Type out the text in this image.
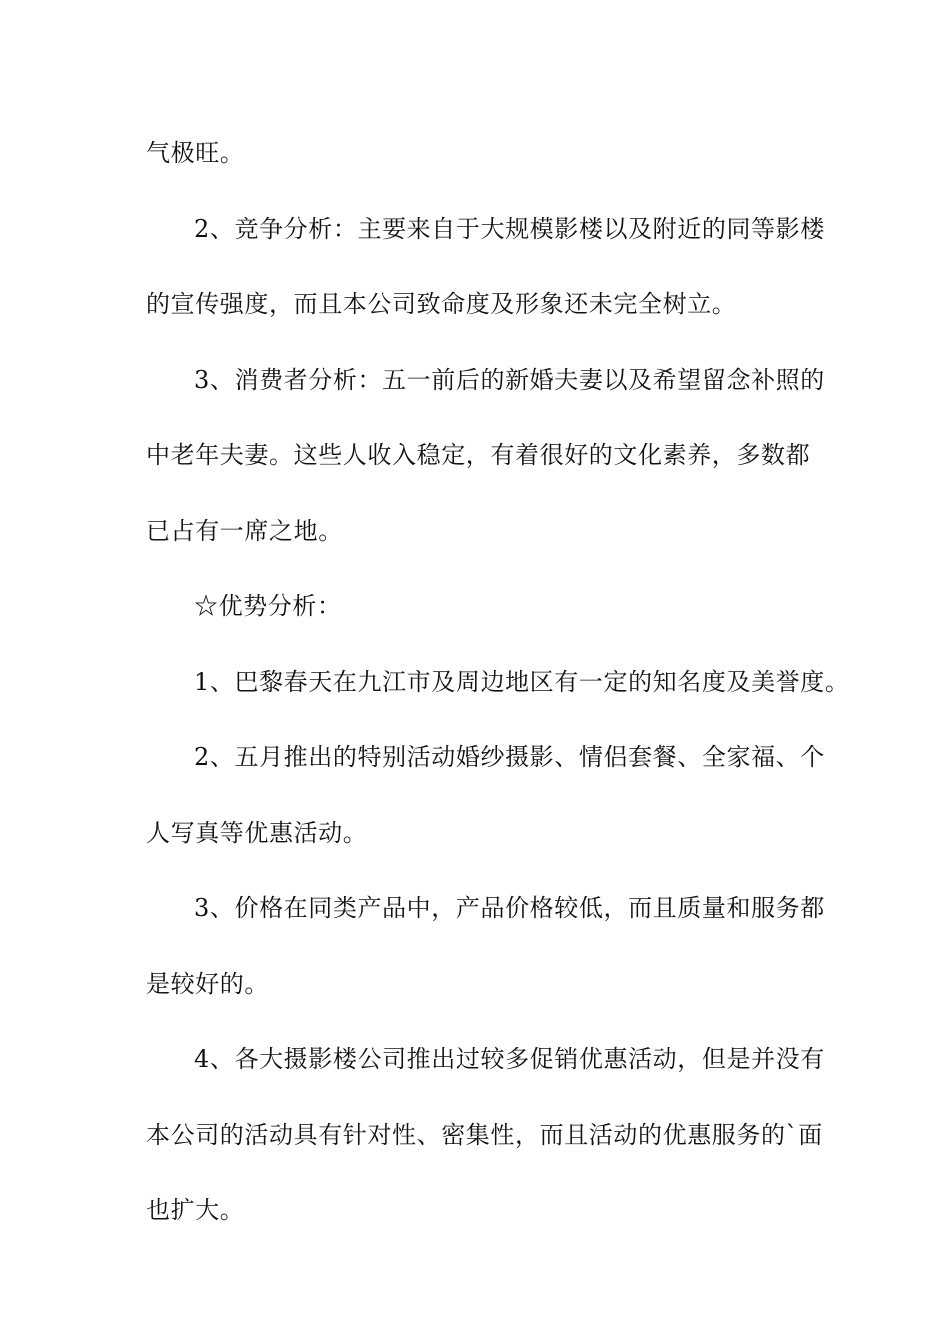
气极旺。
2、竞争分析：主要来自于大规模影楼以及附近的同等影楼
的宣传强度，而且本公司致命度及形象还未完全树立。
3、消费者分析：五一前后的新婚夫妻以及希望留念补照的
中老年夫妻。这些人收入稳定，有着很好的文化素养，多数都
已占有一席之地。
☆优势分析：
1、巴黎春天在九江市及周边地区有一定的知名度及美誉度。
2、五月推出的特别活动婚纱摄影、情侣套餐、全家福、个
人写真等优惠活动。
3、价格在同类产品中，产品价格较低，而且质量和服务都
是较好的。
4、各大摄影楼公司推出过较多促销优惠活动，但是并没有
本公司的活动具有针对性、密集性，而且活动的优惠服务的`面
也扩大。
